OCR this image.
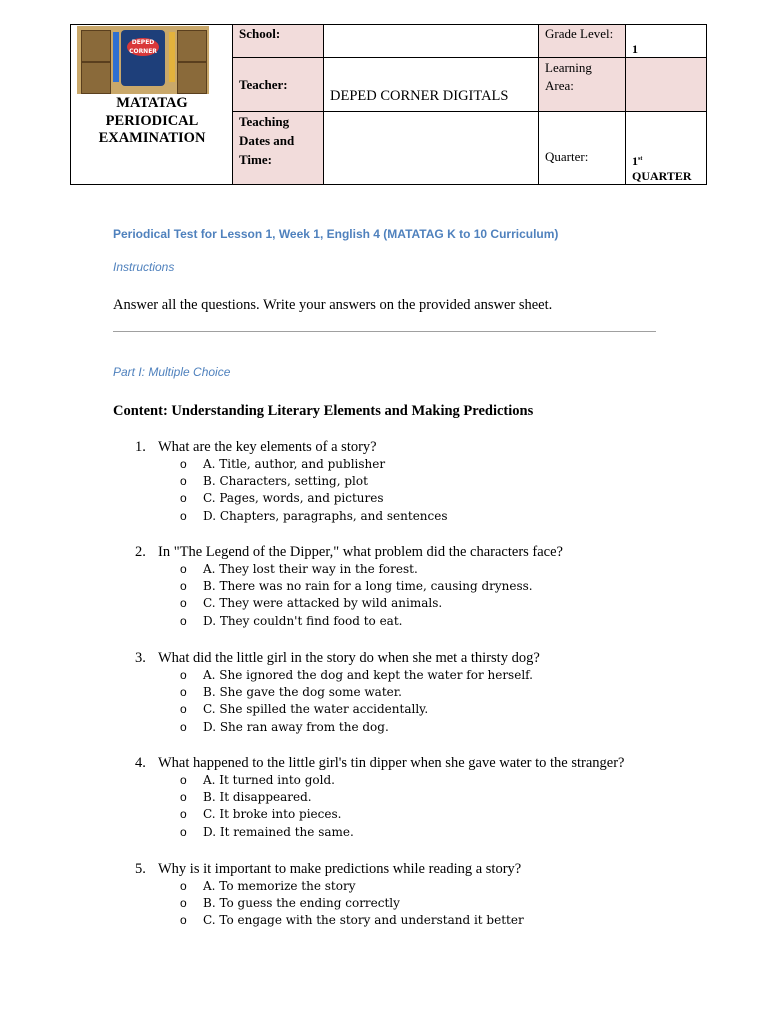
DEPED CORNER
MATATAG PERIODICAL EXAMINATION	School:		Grade Level:	1
	Teacher:	DEPED CORNER DIGITALS	Learning Area:	
	Teaching Dates and Time:		Quarter:	1st
QUARTER
Periodical Test for Lesson 1, Week 1, English 4 (MATATAG K to 10 Curriculum)
Instructions
Answer all the questions. Write your answers on the provided answer sheet.
Part I: Multiple Choice
Content: Understanding Literary Elements and Making Predictions
1. What are the key elements of a story?
o A. Title, author, and publisher
o B. Characters, setting, plot
o C. Pages, words, and pictures
o D. Chapters, paragraphs, and sentences
2. In "The Legend of the Dipper," what problem did the characters face?
o A. They lost their way in the forest.
o B. There was no rain for a long time, causing dryness.
o C. They were attacked by wild animals.
o D. They couldn't find food to eat.
3. What did the little girl in the story do when she met a thirsty dog?
o A. She ignored the dog and kept the water for herself.
o B. She gave the dog some water.
o C. She spilled the water accidentally.
o D. She ran away from the dog.
4. What happened to the little girl's tin dipper when she gave water to the stranger?
o A. It turned into gold.
o B. It disappeared.
o C. It broke into pieces.
o D. It remained the same.
5. Why is it important to make predictions while reading a story?
o A. To memorize the story
o B. To guess the ending correctly
o C. To engage with the story and understand it better
